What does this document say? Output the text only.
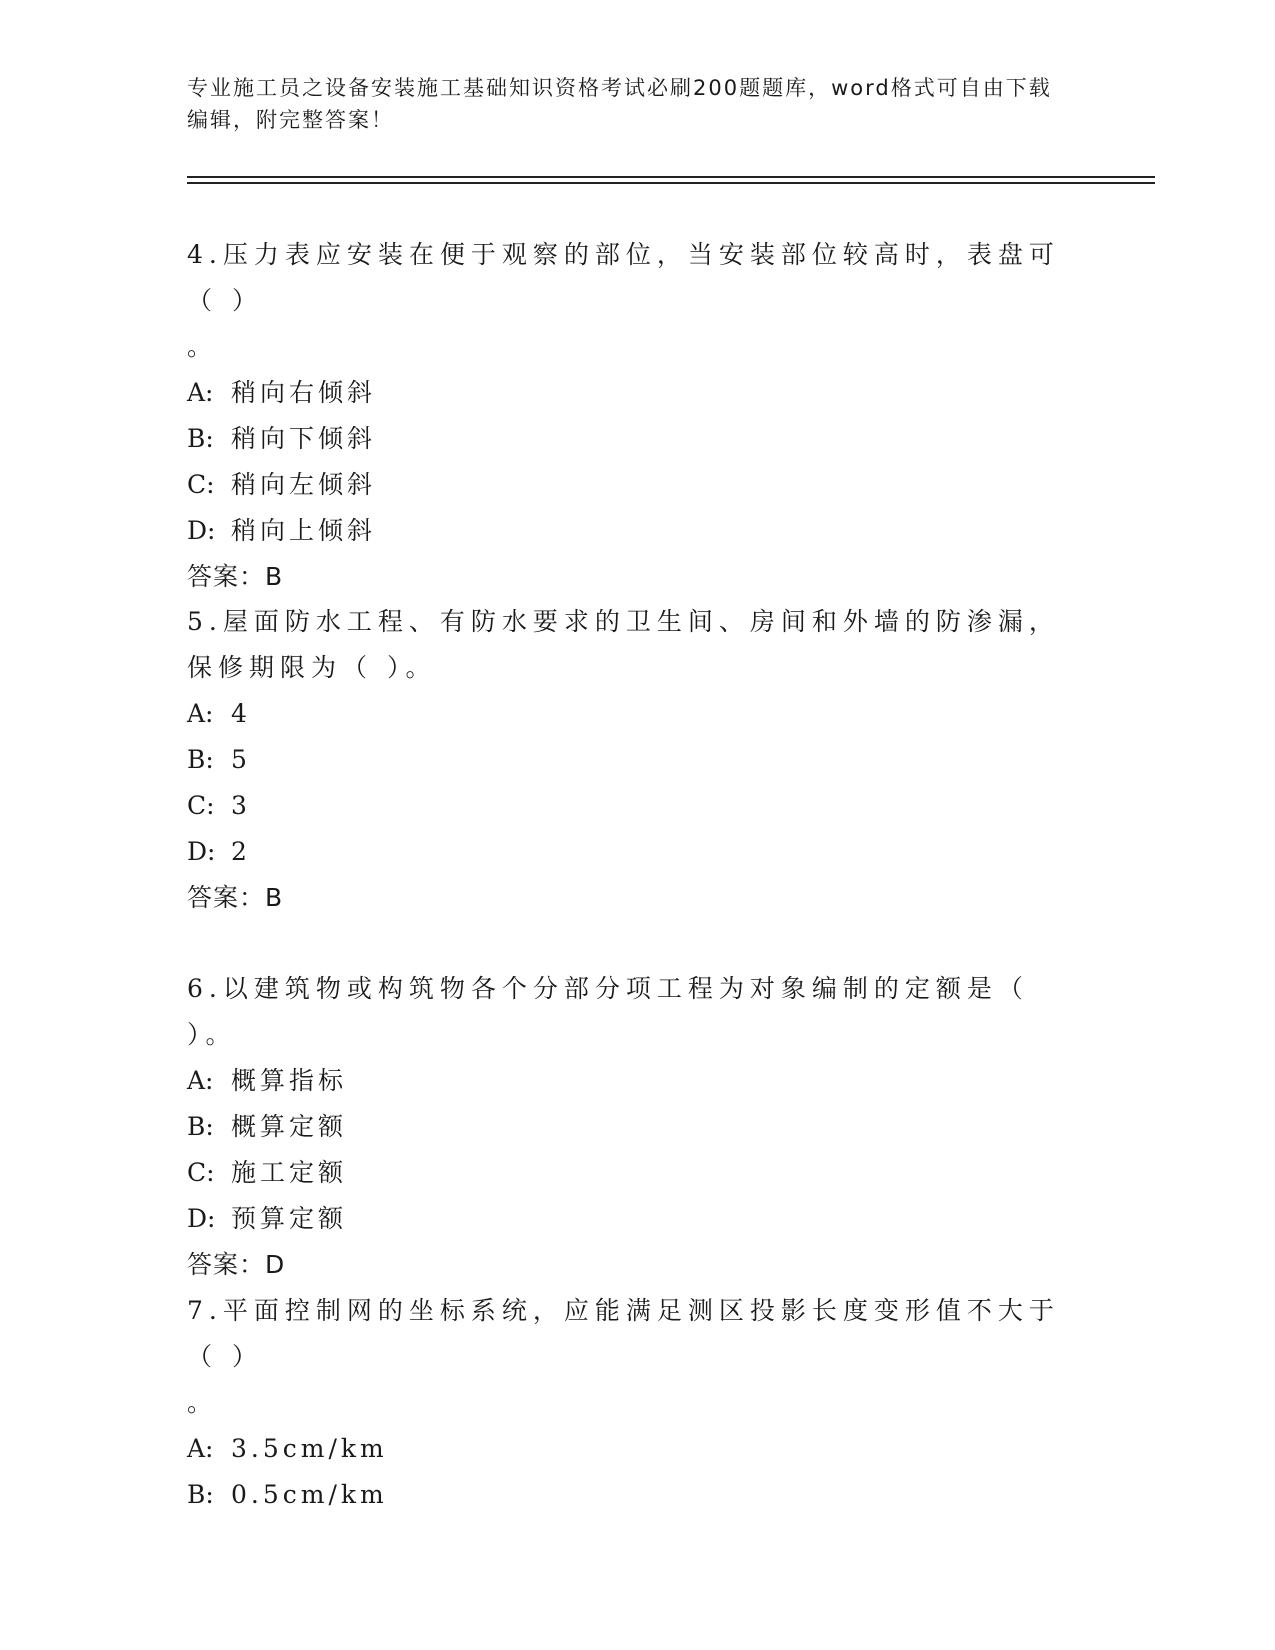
专业施工员之设备安装施工基础知识资格考试必刷200题题库，word格式可自由下载编辑，附完整答案！

4.压力表应安装在便于观察的部位，当安装部位较高时，表盘可（ ）

。

A: 稍向右倾斜
B: 稍向下倾斜
C: 稍向左倾斜
D: 稍向上倾斜
答案：B

5.屋面防水工程、有防水要求的卫生间、房间和外墙的防渗漏，保修期限为（ ）。

A: 4
B: 5
C: 3
D: 2
答案：B

6.以建筑物或构筑物各个分部分项工程为对象编制的定额是（ ）。

A: 概算指标
B: 概算定额
C: 施工定额
D: 预算定额
答案：D

7.平面控制网的坐标系统，应能满足测区投影长度变形值不大于（ ）

。

A: 3.5cm/km
B: 0.5cm/km
